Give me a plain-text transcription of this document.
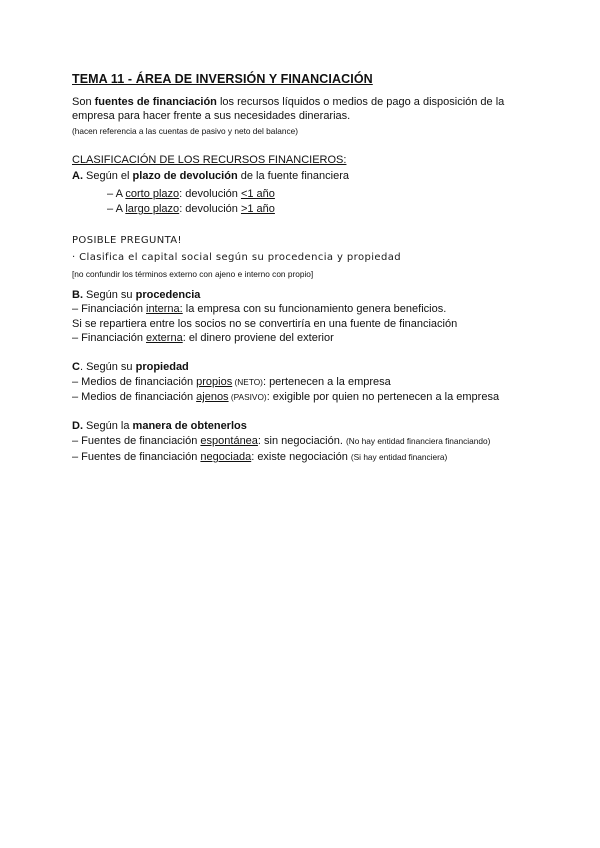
TEMA 11 - ÁREA DE INVERSIÓN Y FINANCIACIÓN
Son fuentes de financiación los recursos líquidos o medios de pago a disposición de la
empresa para hacer frente a sus necesidades dinerarias.
(hacen referencia a las cuentas de pasivo y neto del balance)
CLASIFICACIÓN DE LOS RECURSOS FINANCIEROS:
A. Según el plazo de devolución de la fuente financiera
– A corto plazo: devolución <1 año
– A largo plazo: devolución >1 año
POSIBLE PREGUNTA!
· Clasifica el capital social según su procedencia y propiedad
[no confundir los términos externo con ajeno e interno con propio]
B. Según su procedencia
– Financiación interna: la empresa con su funcionamiento genera beneficios.
Si se repartiera entre los socios no se convertiría en una fuente de financiación
– Financiación externa: el dinero proviene del exterior
C. Según su propiedad
– Medios de financiación propios (NETO): pertenecen a la empresa
– Medios de financiación ajenos (PASIVO): exigible por quien no pertenecen a la empresa
D. Según la manera de obtenerlos
– Fuentes de financiación espontánea: sin negociación. (No hay entidad financiera financiando)
– Fuentes de financiación negociada: existe negociación (Si hay entidad financiera)
